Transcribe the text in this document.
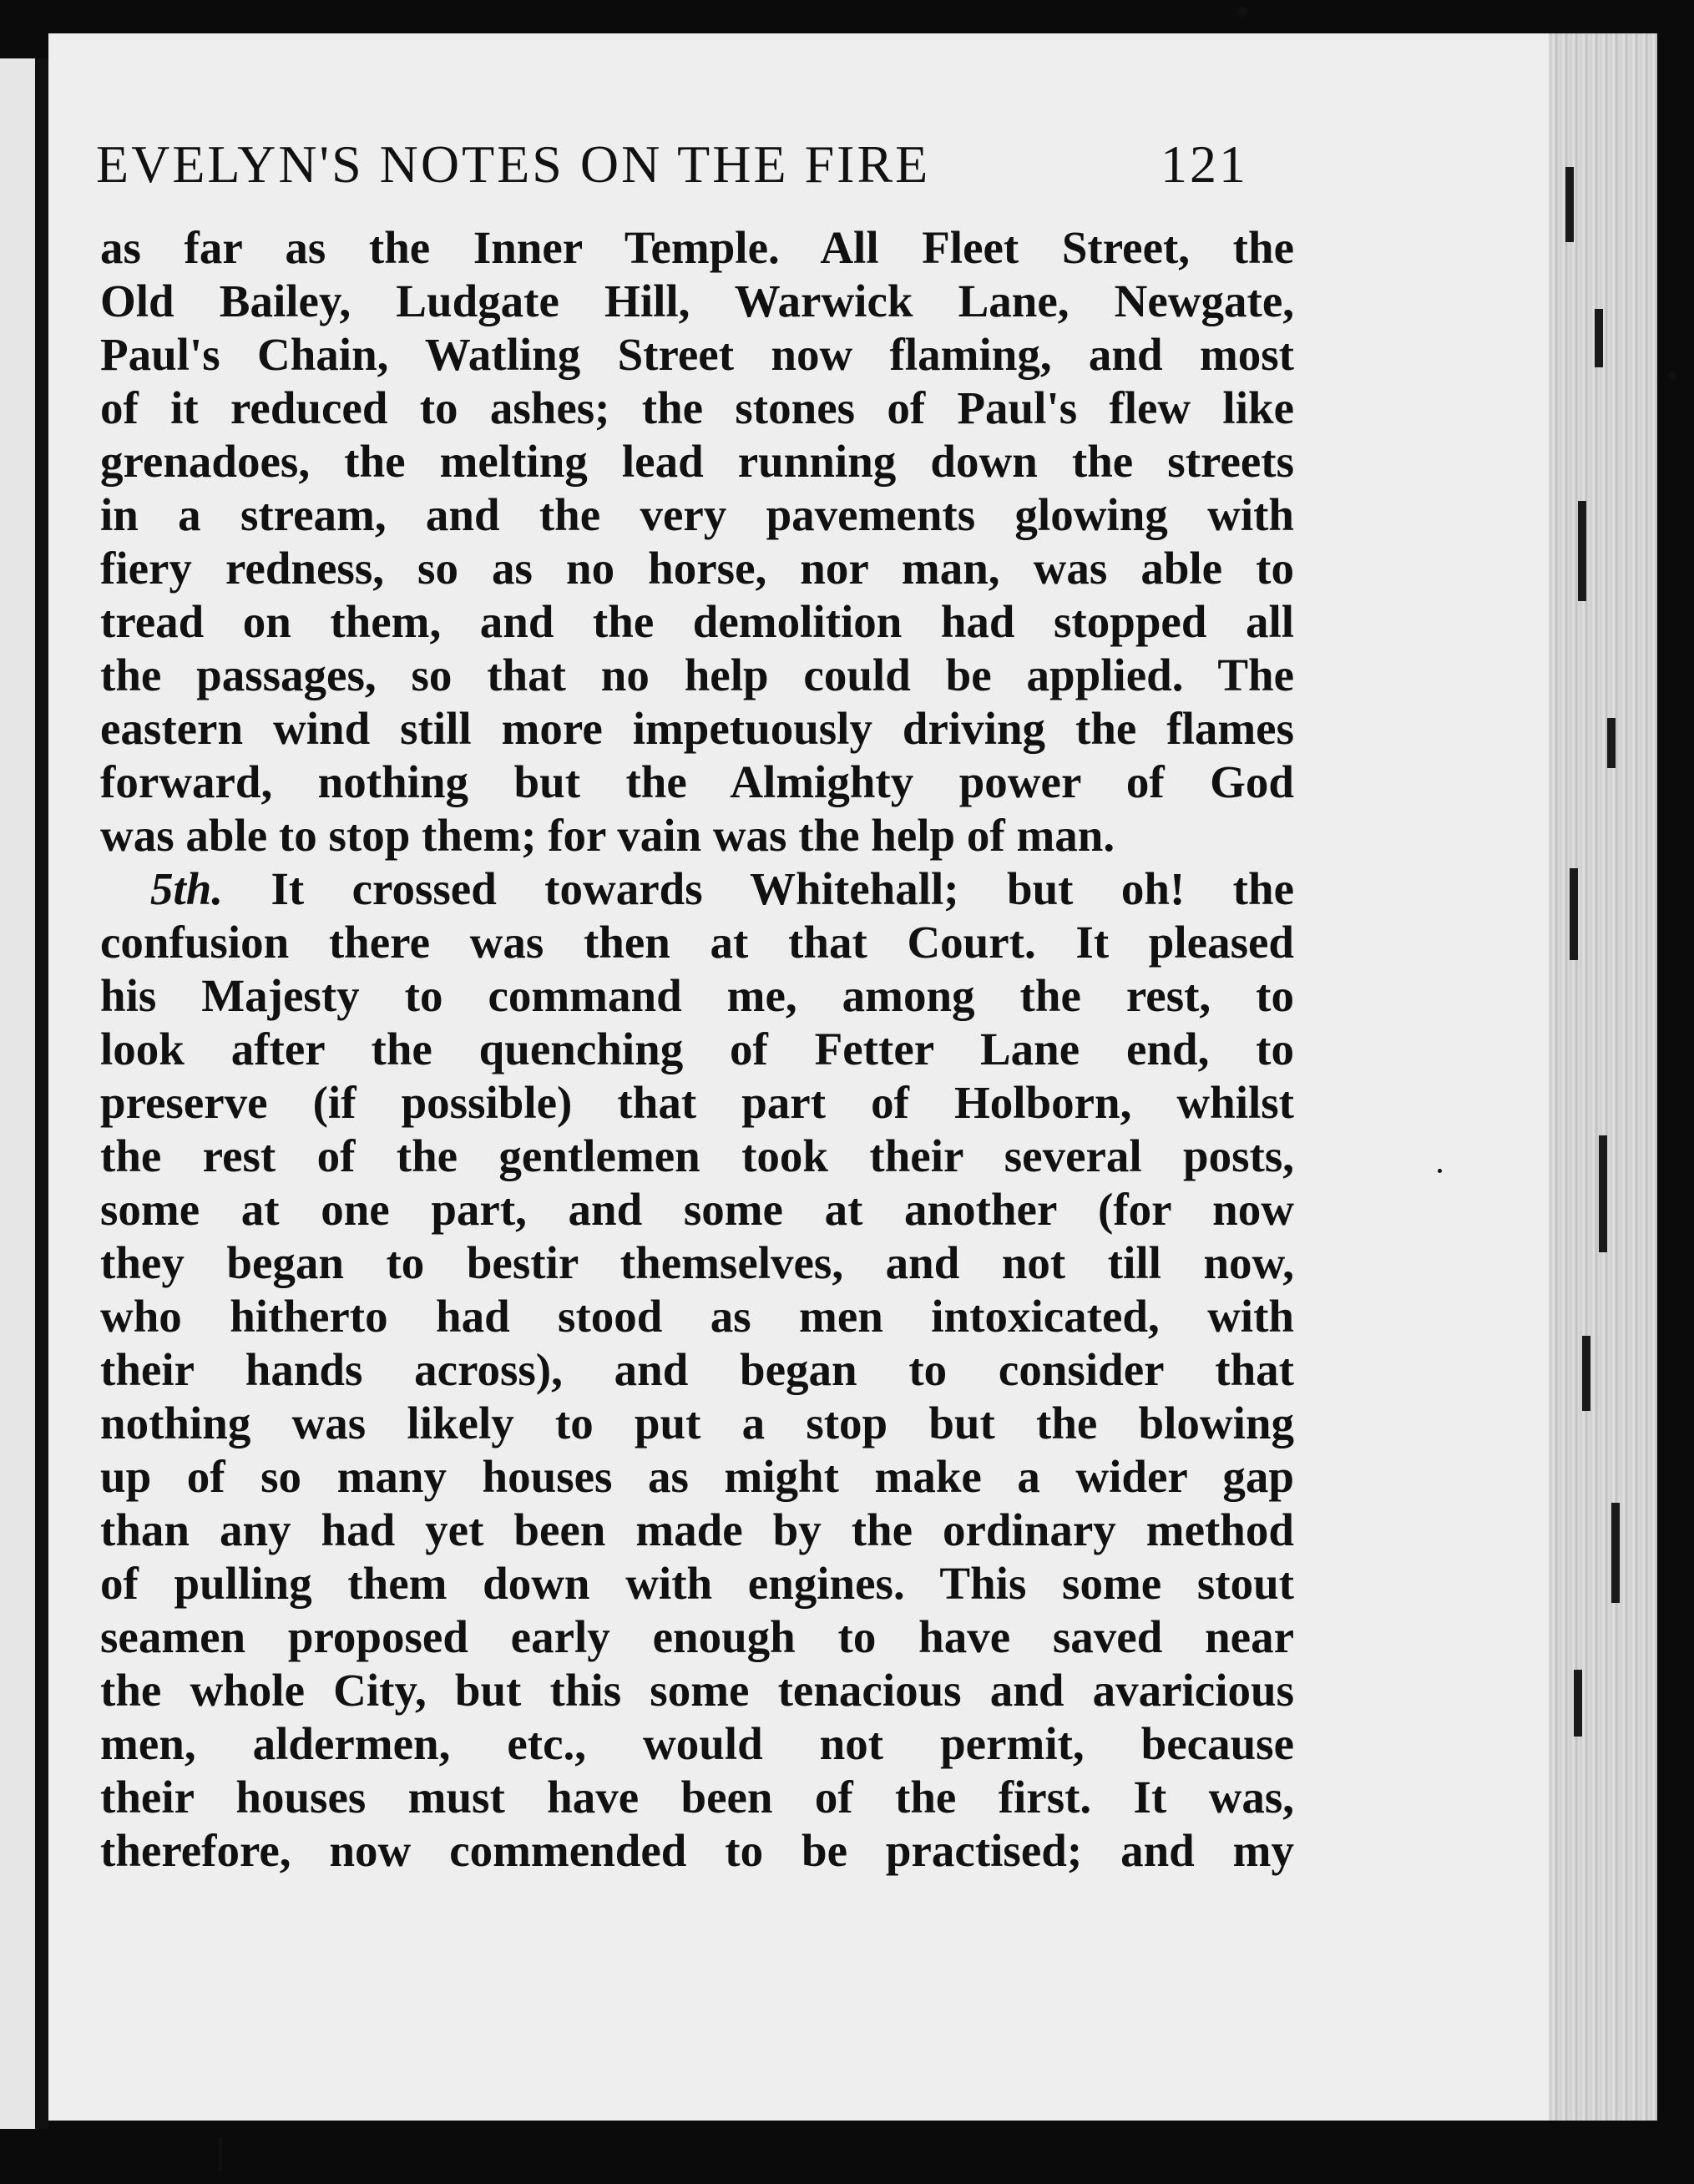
EVELYN'S NOTES ON THE FIRE	121
as far as the Inner Temple. All Fleet Street, the
Old Bailey, Ludgate Hill, Warwick Lane, Newgate,
Paul's Chain, Watling Street now flaming, and most
of it reduced to ashes; the stones of Paul's flew like
grenadoes, the melting lead running down the streets
in a stream, and the very pavements glowing with
fiery redness, so as no horse, nor man, was able to
tread on them, and the demolition had stopped all
the passages, so that no help could be applied. The
eastern wind still more impetuously driving the flames
forward, nothing but the Almighty power of God
was able to stop them; for vain was the help of man.
5th. It crossed towards Whitehall; but oh! the
confusion there was then at that Court. It pleased
his Majesty to command me, among the rest, to
look after the quenching of Fetter Lane end, to
preserve (if possible) that part of Holborn, whilst
the rest of the gentlemen took their several posts,
some at one part, and some at another (for now
they began to bestir themselves, and not till now,
who hitherto had stood as men intoxicated, with
their hands across), and began to consider that
nothing was likely to put a stop but the blowing
up of so many houses as might make a wider gap
than any had yet been made by the ordinary method
of pulling them down with engines. This some stout
seamen proposed early enough to have saved near
the whole City, but this some tenacious and avaricious
men, aldermen, etc., would not permit, because
their houses must have been of the first. It was,
therefore, now commended to be practised; and my
